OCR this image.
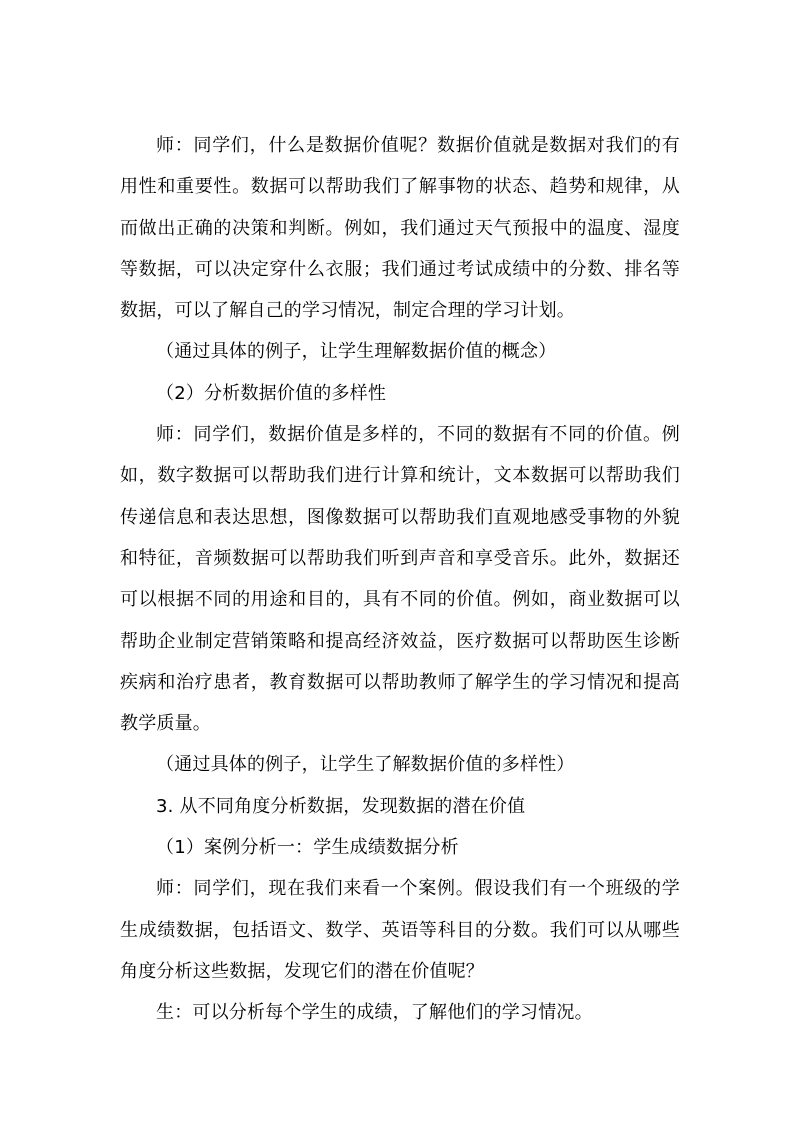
师：同学们，什么是数据价值呢？数据价值就是数据对我们的有用性和重要性。数据可以帮助我们了解事物的状态、趋势和规律，从而做出正确的决策和判断。例如，我们通过天气预报中的温度、湿度等数据，可以决定穿什么衣服；我们通过考试成绩中的分数、排名等数据，可以了解自己的学习情况，制定合理的学习计划。

（通过具体的例子，让学生理解数据价值的概念）

（2）分析数据价值的多样性

师：同学们，数据价值是多样的，不同的数据有不同的价值。例如，数字数据可以帮助我们进行计算和统计，文本数据可以帮助我们传递信息和表达思想，图像数据可以帮助我们直观地感受事物的外貌和特征，音频数据可以帮助我们听到声音和享受音乐。此外，数据还可以根据不同的用途和目的，具有不同的价值。例如，商业数据可以帮助企业制定营销策略和提高经济效益，医疗数据可以帮助医生诊断疾病和治疗患者，教育数据可以帮助教师了解学生的学习情况和提高教学质量。

（通过具体的例子，让学生了解数据价值的多样性）

3. 从不同角度分析数据，发现数据的潜在价值

（1）案例分析一：学生成绩数据分析

师：同学们，现在我们来看一个案例。假设我们有一个班级的学生成绩数据，包括语文、数学、英语等科目的分数。我们可以从哪些角度分析这些数据，发现它们的潜在价值呢？

生：可以分析每个学生的成绩，了解他们的学习情况。
